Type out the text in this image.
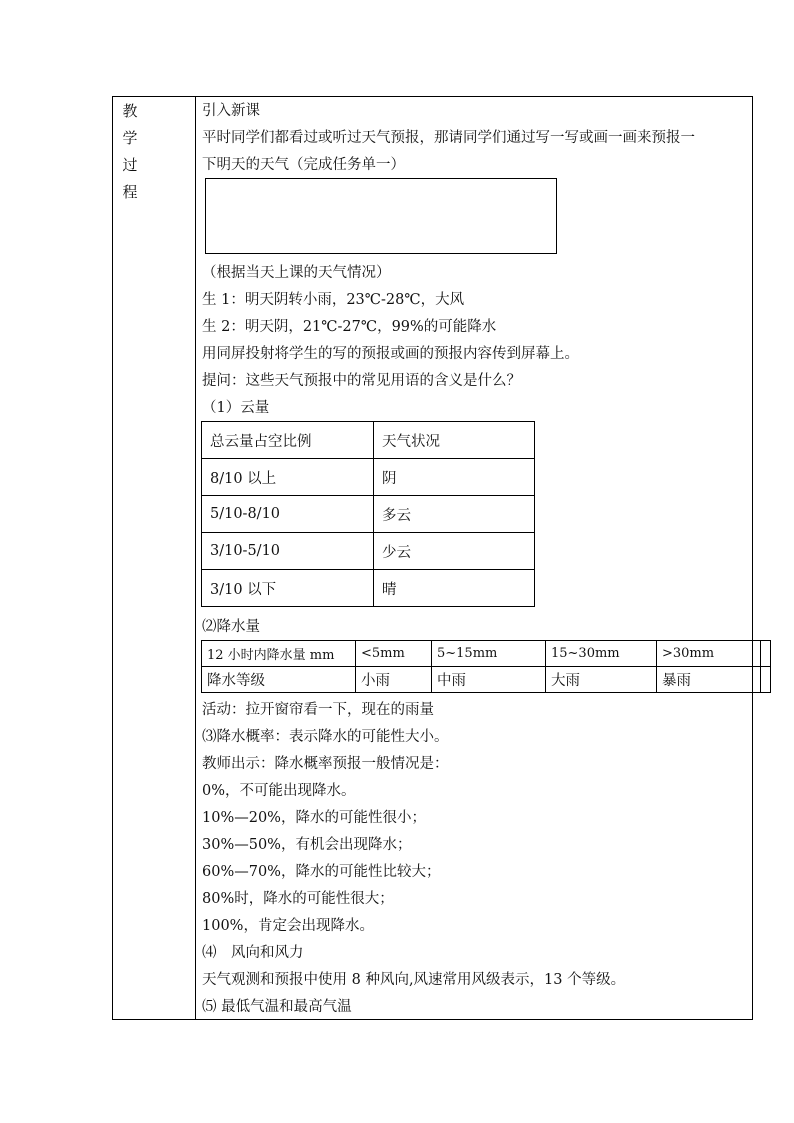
教
学
过
程
引入新课
平时同学们都看过或听过天气预报，那请同学们通过写一写或画一画来预报一
下明天的天气（完成任务单一）
（根据当天上课的天气情况）
生 1：明天阴转小雨，23℃-28℃，大风
生 2：明天阴，21℃-27℃，99%的可能降水
用同屏投射将学生的写的预报或画的预报内容传到屏幕上。
提问：这些天气预报中的常见用语的含义是什么？
（1）云量
总云量占空比例	天气状况
8/10 以上	阴
5/10-8/10	多云
3/10-5/10	少云
3/10 以下	晴
⑵降水量
12 小时内降水量 mm	<5mm	5~15mm	15~30mm	>30mm	
降水等级	小雨	中雨	大雨	暴雨	
活动：拉开窗帘看一下，现在的雨量
⑶降水概率：表示降水的可能性大小。
教师出示：降水概率预报一般情况是：
0%，不可能出现降水。
10%—20%，降水的可能性很小；
30%—50%，有机会出现降水；
60%—70%，降水的可能性比较大；
80%时，降水的可能性很大；
100%，肯定会出现降水。
⑷　风向和风力
天气观测和预报中使用 8 种风向,风速常用风级表示，13 个等级。
⑸ 最低气温和最高气温
